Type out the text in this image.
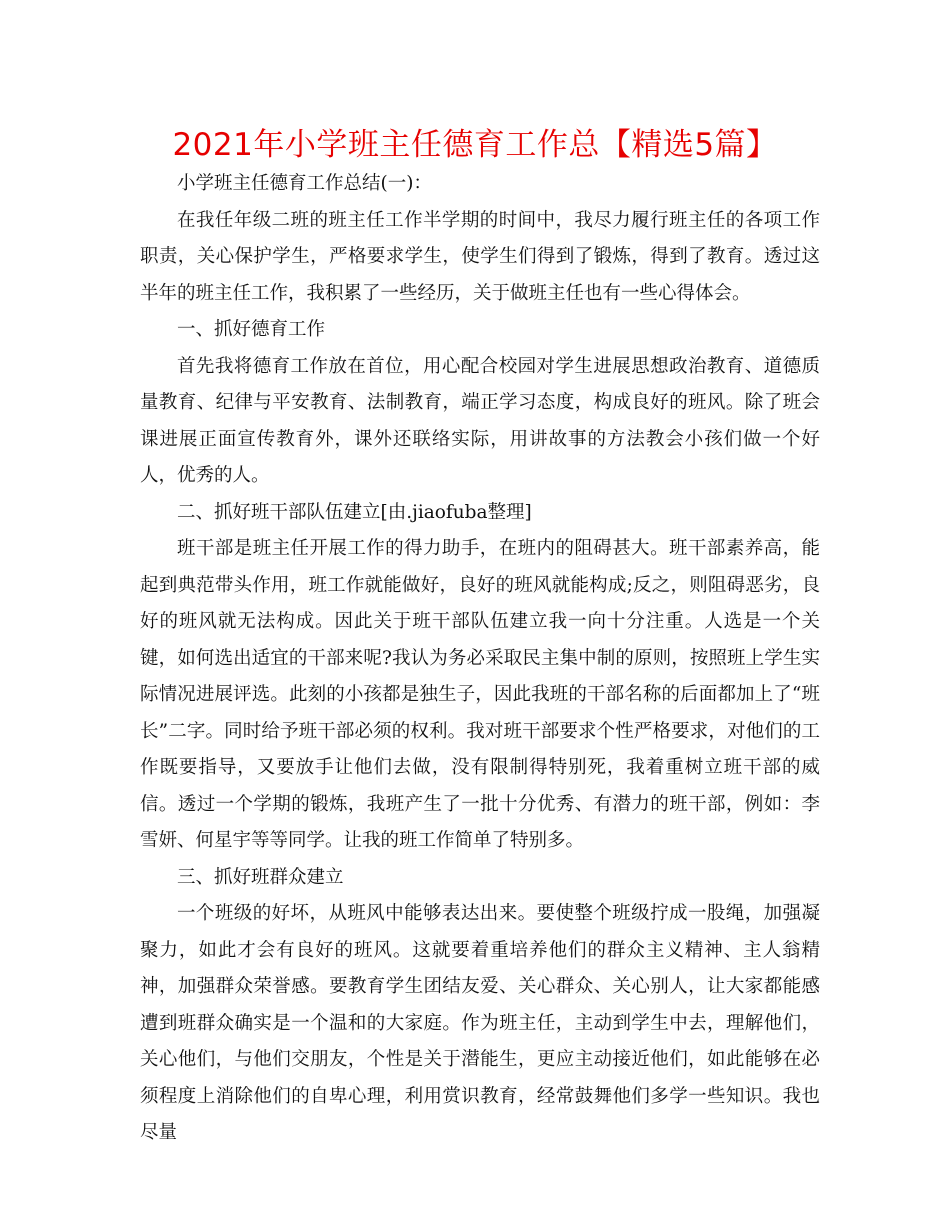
2021年小学班主任德育工作总【精选5篇】

小学班主任德育工作总结(一)：

在我任年级二班的班主任工作半学期的时间中，我尽力履行班主任的各项工作职责，关心保护学生，严格要求学生，使学生们得到了锻炼，得到了教育。透过这半年的班主任工作，我积累了一些经历，关于做班主任也有一些心得体会。

一、抓好德育工作

首先我将德育工作放在首位，用心配合校园对学生进展思想政治教育、道德质量教育、纪律与平安教育、法制教育，端正学习态度，构成良好的班风。除了班会课进展正面宣传教育外，课外还联络实际，用讲故事的方法教会小孩们做一个好人，优秀的人。

二、抓好班干部队伍建立[由.jiaofuba整理]

班干部是班主任开展工作的得力助手，在班内的阻碍甚大。班干部素养高，能起到典范带头作用，班工作就能做好，良好的班风就能构成;反之，则阻碍恶劣，良好的班风就无法构成。因此关于班干部队伍建立我一向十分注重。人选是一个关键，如何选出适宜的干部来呢?我认为务必采取民主集中制的原则，按照班上学生实际情况进展评选。此刻的小孩都是独生子，因此我班的干部名称的后面都加上了“班长”二字。同时给予班干部必须的权利。我对班干部要求个性严格要求，对他们的工作既要指导，又要放手让他们去做，没有限制得特别死，我着重树立班干部的威信。透过一个学期的锻炼，我班产生了一批十分优秀、有潜力的班干部，例如：李雪妍、何星宇等等同学。让我的班工作简单了特别多。

三、抓好班群众建立

一个班级的好坏，从班风中能够表达出来。要使整个班级拧成一股绳，加强凝聚力，如此才会有良好的班风。这就要着重培养他们的群众主义精神、主人翁精神，加强群众荣誉感。要教育学生团结友爱、关心群众、关心别人，让大家都能感遭到班群众确实是一个温和的大家庭。作为班主任，主动到学生中去，理解他们，关心他们，与他们交朋友，个性是关于潜能生，更应主动接近他们，如此能够在必须程度上消除他们的自卑心理，利用赏识教育，经常鼓舞他们多学一些知识。我也尽量
